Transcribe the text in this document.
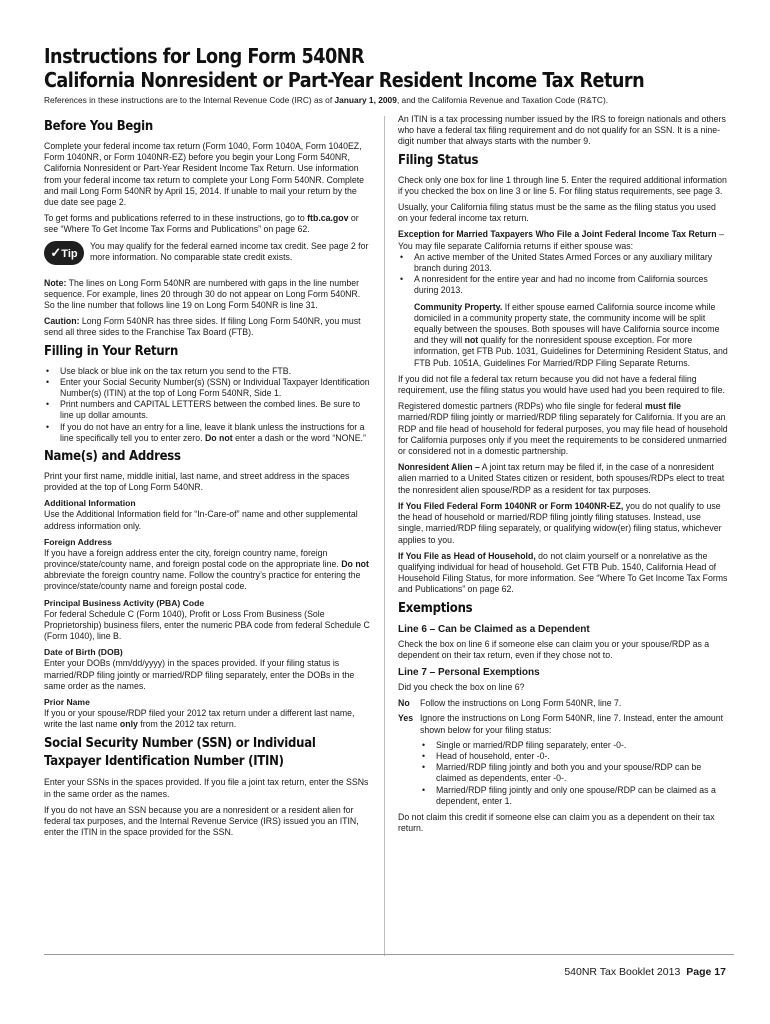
Instructions for Long Form 540NR
California Nonresident or Part-Year Resident Income Tax Return
References in these instructions are to the Internal Revenue Code (IRC) as of January 1, 2009, and the California Revenue and Taxation Code (R&TC).
Before You Begin

Complete your federal income tax return (Form 1040, Form 1040A, Form 1040EZ, Form 1040NR, or Form 1040NR-EZ) before you begin your Long Form 540NR, California Nonresident or Part-Year Resident Income Tax Return. Use information from your federal income tax return to complete your Long Form 540NR. Complete and mail Long Form 540NR by April 15, 2014. If unable to mail your return by the due date see page 2.

To get forms and publications referred to in these instructions, go to ftb.ca.gov or see “Where To Get Income Tax Forms and Publications” on page 62.

✓Tip

You may qualify for the federal earned income tax credit. See page 2 for more information. No comparable state credit exists.

Note: The lines on Long Form 540NR are numbered with gaps in the line number sequence. For example, lines 20 through 30 do not appear on Long Form 540NR. So the line number that follows line 19 on Long Form 540NR is line 31.

Caution: Long Form 540NR has three sides. If filing Long Form 540NR, you must send all three sides to the Franchise Tax Board (FTB).

Filling in Your Return
• Use black or blue ink on the tax return you send to the FTB.
• Enter your Social Security Number(s) (SSN) or Individual Taxpayer Identification Number(s) (ITIN) at the top of Long Form 540NR, Side 1.
• Print numbers and CAPITAL LETTERS between the combed lines. Be sure to line up dollar amounts.
• If you do not have an entry for a line, leave it blank unless the instructions for a line specifically tell you to enter zero. Do not enter a dash or the word “NONE.”
Name(s) and Address

Print your first name, middle initial, last name, and street address in the spaces provided at the top of Long Form 540NR.

Additional Information

Use the Additional Information field for “In-Care-of” name and other supplemental address information only.

Foreign Address

If you have a foreign address enter the city, foreign country name, foreign province/state/county name, and foreign postal code on the appropriate line. Do not abbreviate the foreign country name. Follow the country’s practice for entering the province/state/county name and foreign postal code.

Principal Business Activity (PBA) Code

For federal Schedule C (Form 1040), Profit or Loss From Business (Sole Proprietorship) business filers, enter the numeric PBA code from federal Schedule C (Form 1040), line B.

Date of Birth (DOB)

Enter your DOBs (mm/dd/yyyy) in the spaces provided. If your filing status is married/RDP filing jointly or married/RDP filing separately, enter the DOBs in the same order as the names.

Prior Name

If you or your spouse/RDP filed your 2012 tax return under a different last name, write the last name only from the 2012 tax return.

Social Security Number (SSN) or Individual Taxpayer Identification Number (ITIN)

Enter your SSNs in the spaces provided. If you file a joint tax return, enter the SSNs in the same order as the names.

If you do not have an SSN because you are a nonresident or a resident alien for federal tax purposes, and the Internal Revenue Service (IRS) issued you an ITIN, enter the ITIN in the space provided for the SSN.

An ITIN is a tax processing number issued by the IRS to foreign nationals and others who have a federal tax filing requirement and do not qualify for an SSN. It is a nine-digit number that always starts with the number 9.

Filing Status

Check only one box for line 1 through line 5. Enter the required additional information if you checked the box on line 3 or line 5. For filing status requirements, see page 3.

Usually, your California filing status must be the same as the filing status you used on your federal income tax return.

Exception for Married Taxpayers Who File a Joint Federal Income Tax Return – You may file separate California returns if either spouse was:

• An active member of the United States Armed Forces or any auxiliary military branch during 2013.
• A nonresident for the entire year and had no income from California sources during 2013.

Community Property. If either spouse earned California source income while domiciled in a community property state, the community income will be split equally between the spouses. Both spouses will have California source income and they will not qualify for the nonresident spouse exception. For more information, get FTB Pub. 1031, Guidelines for Determining Resident Status, and FTB Pub. 1051A, Guidelines For Married/RDP Filing Separate Returns.

If you did not file a federal tax return because you did not have a federal filing requirement, use the filing status you would have used had you been required to file.

Registered domestic partners (RDPs) who file single for federal must file married/RDP filing jointly or married/RDP filing separately for California. If you are an RDP and file head of household for federal purposes, you may file head of household for California purposes only if you meet the requirements to be considered unmarried or considered not in a domestic partnership.

Nonresident Alien – A joint tax return may be filed if, in the case of a nonresident alien married to a United States citizen or resident, both spouses/RDPs elect to treat the nonresident alien spouse/RDP as a resident for tax purposes.

If You Filed Federal Form 1040NR or Form 1040NR-EZ, you do not qualify to use the head of household or married/RDP filing jointly filing statuses. Instead, use single, married/RDP filing separately, or qualifying widow(er) filing status, whichever applies to you.

If You File as Head of Household, do not claim yourself or a nonrelative as the qualifying individual for head of household. Get FTB Pub. 1540, California Head of Household Filing Status, for more information. See “Where To Get Income Tax Forms and Publications” on page 62.

Exemptions
Line 6 – Can be Claimed as a Dependent

Check the box on line 6 if someone else can claim you or your spouse/RDP as a dependent on their tax return, even if they chose not to.

Line 7 – Personal Exemptions

Did you check the box on line 6?

No	Follow the instructions on Long Form 540NR, line 7.
Yes Ignore the instructions on Long Form 540NR, line 7. Instead, enter the amount shown below for your filing status:
• Single or married/RDP filing separately, enter -0-.
• Head of household, enter -0-.
• Married/RDP filing jointly and both you and your spouse/RDP can be claimed as dependents, enter -0-.
• Married/RDP filing jointly and only one spouse/RDP can be claimed as a dependent, enter 1.

Do not claim this credit if someone else can claim you as a dependent on their tax return.

540NR Tax Booklet 2013 Page 17
